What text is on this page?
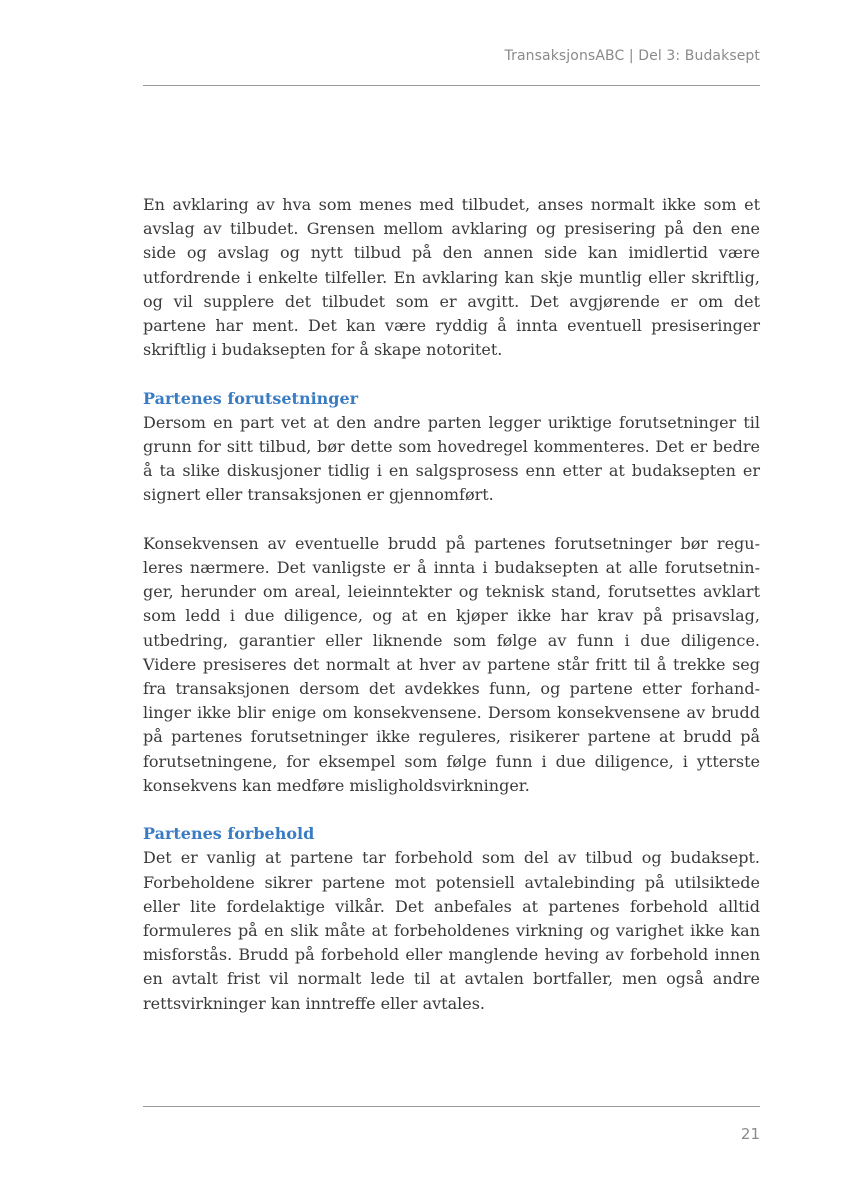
TransaksjonsABC | Del 3: Budaksept

En avklaring av hva som menes med tilbudet, anses normalt ikke som et avslag av tilbudet. Grensen mellom avklaring og presisering på den ene side og avslag og nytt tilbud på den annen side kan imidlertid være utfordrende i enkelte tilfeller. En avklaring kan skje muntlig eller skriftlig, og vil supplere det tilbudet som er avgitt. Det avgjørende er om det partene har ment. Det kan være ryddig å innta eventuell presiseringer skriftlig i budaksepten for å skape notoritet.

Partenes forutsetninger

Dersom en part vet at den andre parten legger uriktige forutsetninger til grunn for sitt tilbud, bør dette som hovedregel kommenteres. Det er bedre å ta slike diskusjoner tidlig i en salgsprosess enn etter at budaksepten er signert eller transaksjonen er gjennomført.

Konsekvensen av eventuelle brudd på partenes forutsetninger bør reguleres nærmere. Det vanligste er å innta i budaksepten at alle forutsetninger, herunder om areal, leieinntekter og teknisk stand, forutsettes avklart som ledd i due diligence, og at en kjøper ikke har krav på prisavslag, utbedring, garantier eller liknende som følge av funn i due diligence. Videre presiseres det normalt at hver av partene står fritt til å trekke seg fra transaksjonen dersom det avdekkes funn, og partene etter forhandlinger ikke blir enige om konsekvensene. Dersom konsekvensene av brudd på partenes forutsetninger ikke reguleres, risikerer partene at brudd på forutsetningene, for eksempel som følge funn i due diligence, i ytterste konsekvens kan medføre misligholdsvirkninger.

Partenes forbehold

Det er vanlig at partene tar forbehold som del av tilbud og budaksept. Forbeholdene sikrer partene mot potensiell avtalebinding på utilsiktede eller lite fordelaktige vilkår. Det anbefales at partenes forbehold alltid formuleres på en slik måte at forbeholdenes virkning og varighet ikke kan misforstås. Brudd på forbehold eller manglende heving av forbehold innen en avtalt frist vil normalt lede til at avtalen bortfaller, men også andre rettsvirkninger kan inntreffe eller avtales.

21
